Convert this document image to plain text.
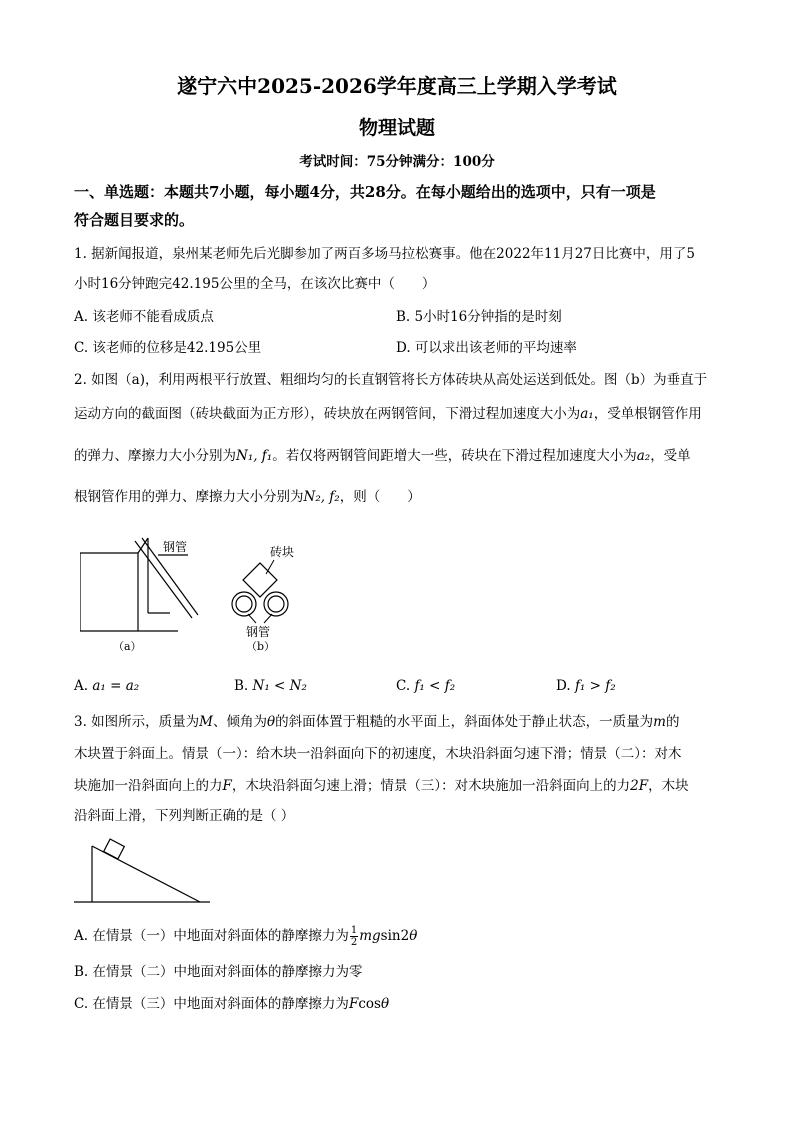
遂宁六中2025-2026学年度高三上学期入学考试
物理试题
考试时间：75分钟满分：100分
一、单选题：本题共7小题，每小题4分，共28分。在每小题给出的选项中，只有一项是
符合题目要求的。
1. 据新闻报道，泉州某老师先后光脚参加了两百多场马拉松赛事。他在2022年11月27日比赛中，用了5
小时16分钟跑完42.195公里的全马，在该次比赛中（　　）
A. 该老师不能看成质点	B. 5小时16分钟指的是时刻
C. 该老师的位移是42.195公里	D. 可以求出该老师的平均速率
2. 如图（a)，利用两根平行放置、粗细均匀的长直钢管将长方体砖块从高处运送到低处。图（b）为垂直于
运动方向的截面图（砖块截面为正方形），砖块放在两钢管间，下滑过程加速度大小为a₁，受单根钢管作用
的弹力、摩擦力大小分别为N₁, f₁。若仅将两钢管间距增大一些，砖块在下滑过程加速度大小为a₂，受单
根钢管作用的弹力、摩擦力大小分别为N₂, f₂，则（　　）
钢管
（a）
砖块
钢管
（b）
A. a₁ = a₂	B. N₁ < N₂	C. f₁ < f₂	D. f₁ > f₂
3. 如图所示，质量为M、倾角为θ的斜面体置于粗糙的水平面上，斜面体处于静止状态，一质量为m的
木块置于斜面上。情景（一）：给木块一沿斜面向下的初速度，木块沿斜面匀速下滑；情景（二）：对木
块施加一沿斜面向上的力F，木块沿斜面匀速上滑；情景（三）：对木块施加一沿斜面向上的力2F，木块
沿斜面上滑，下列判断正确的是（ ）
A. 在情景（一）中地面对斜面体的静摩擦力为 $\frac{1}{2} mgsin2\theta$
B. 在情景（二）中地面对斜面体的静摩擦力为零
C. 在情景（三）中地面对斜面体的静摩擦力为Fcosθ
